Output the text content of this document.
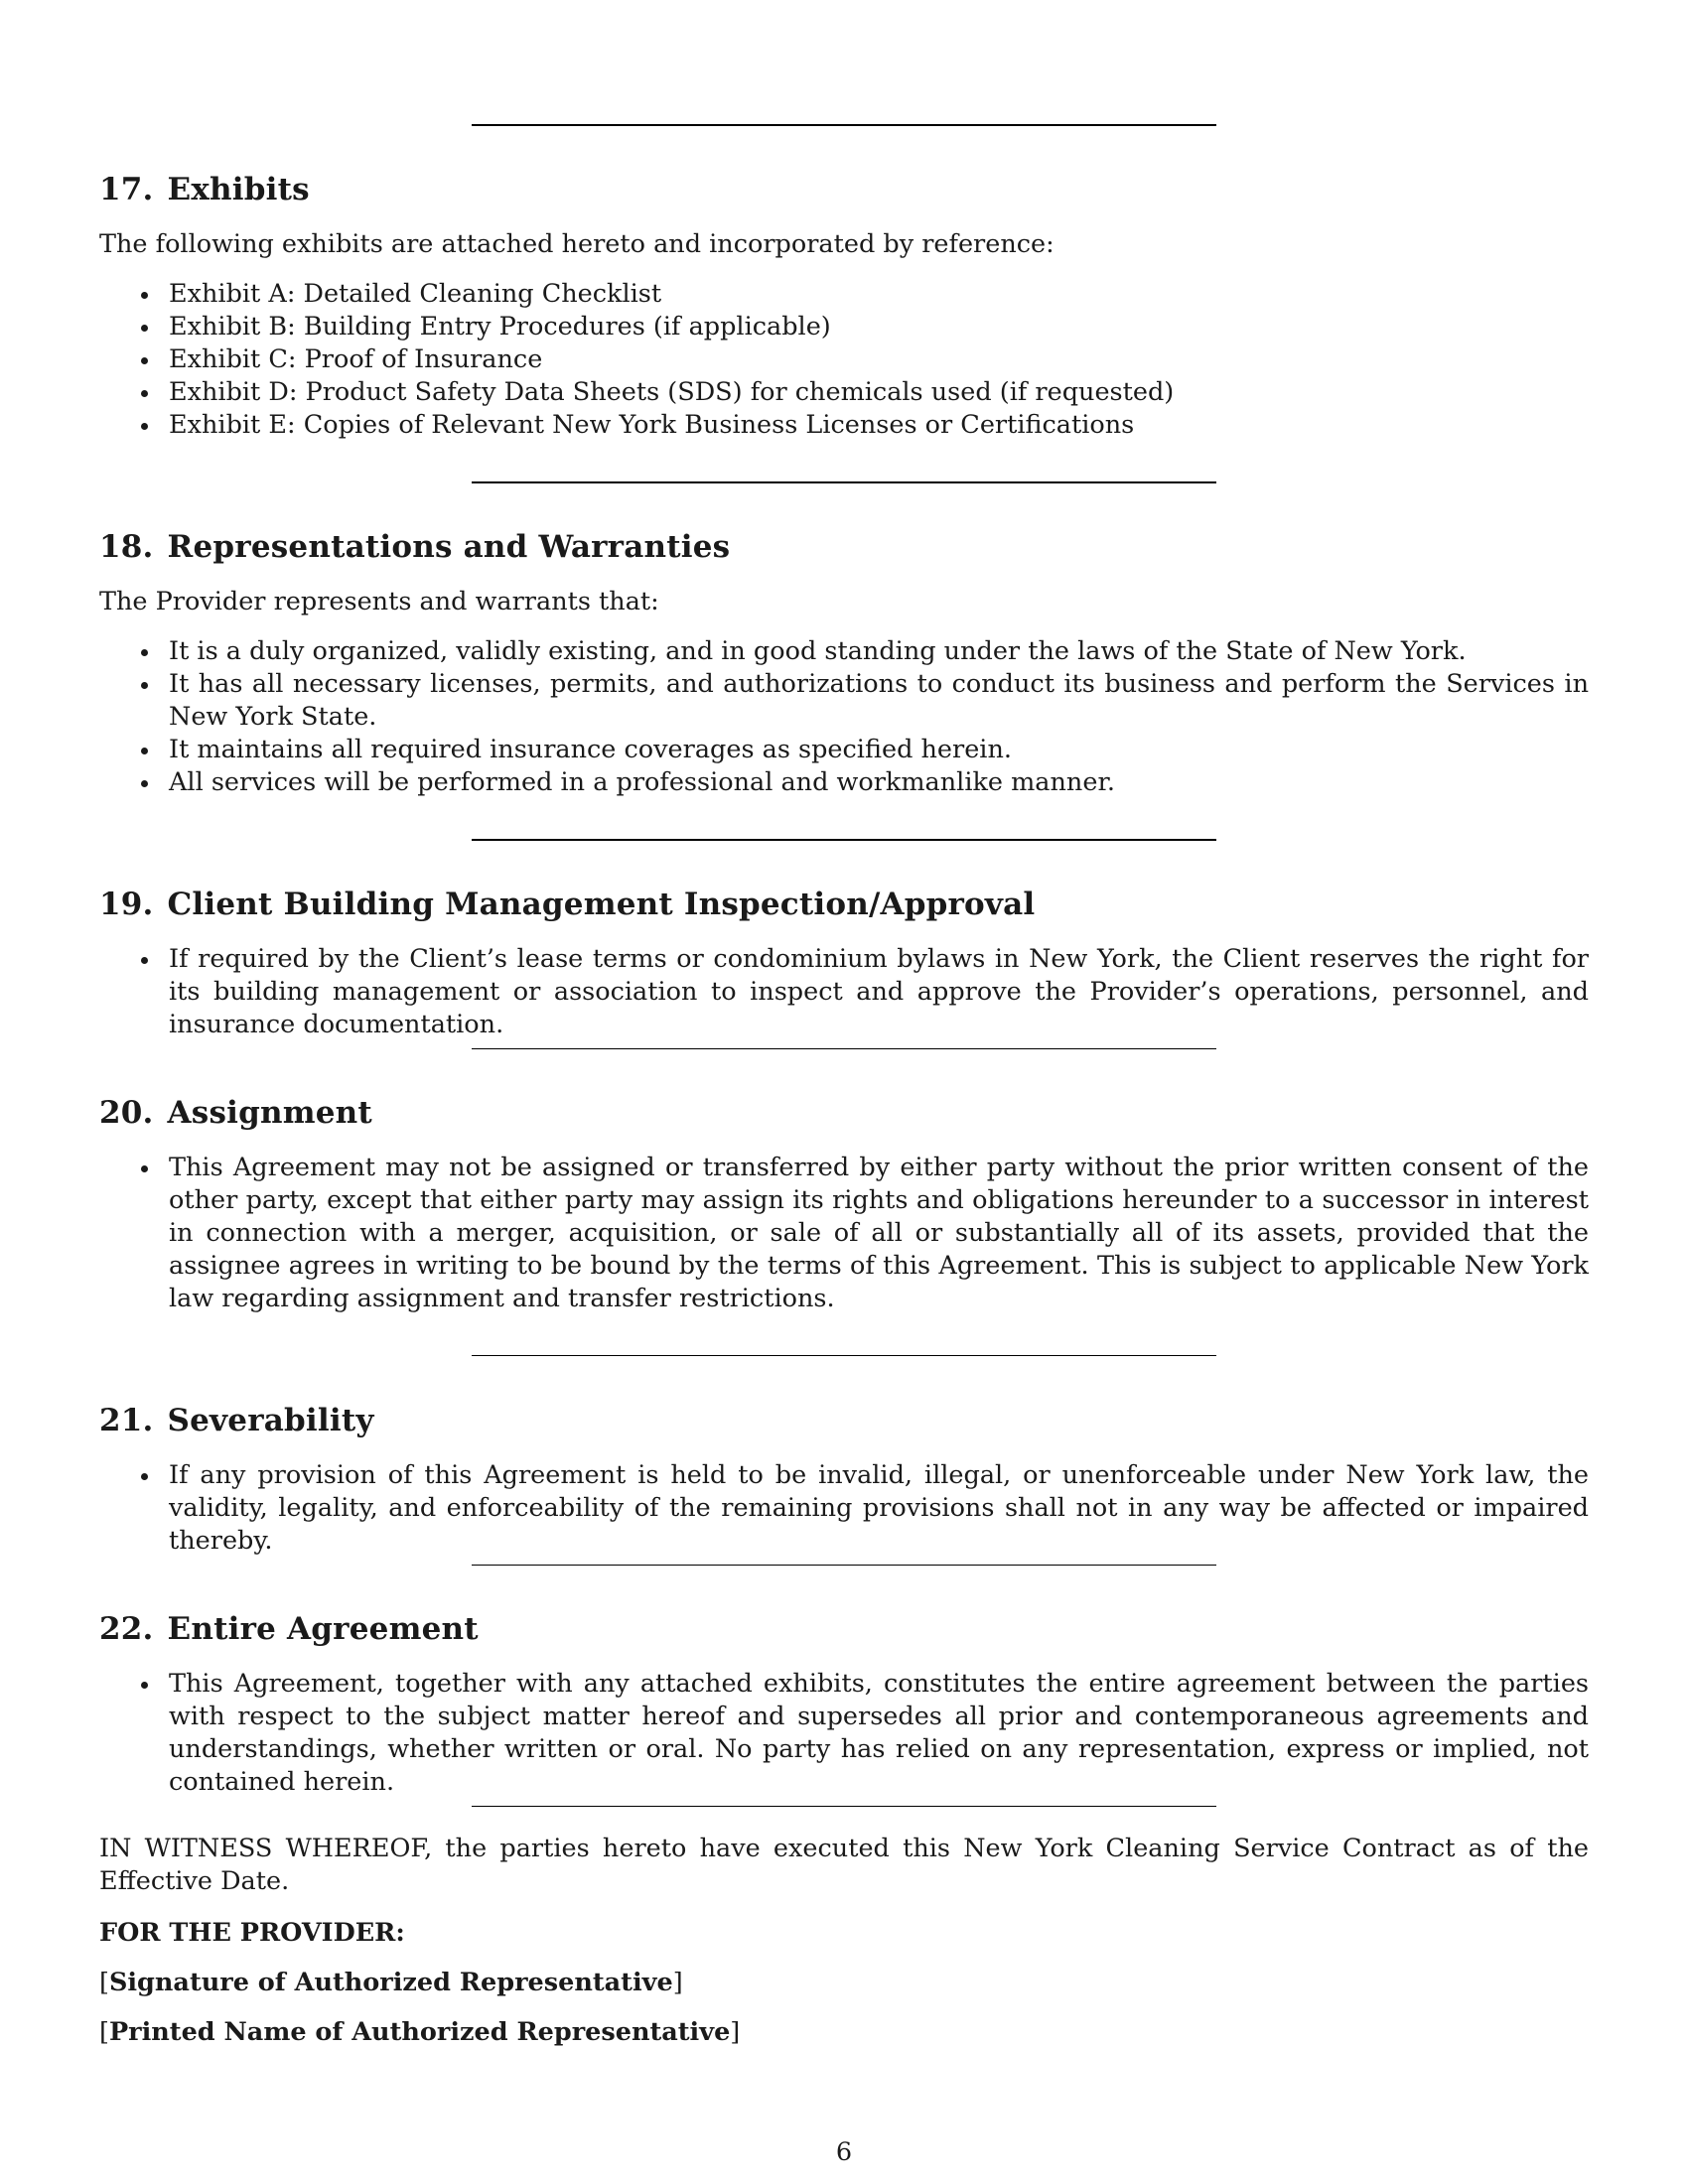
17. Exhibits

The following exhibits are attached hereto and incorporated by reference:

Exhibit A: Detailed Cleaning Checklist
Exhibit B: Building Entry Procedures (if applicable)
Exhibit C: Proof of Insurance
Exhibit D: Product Safety Data Sheets (SDS) for chemicals used (if requested)
Exhibit E: Copies of Relevant New York Business Licenses or Certifications
18. Representations and Warranties

The Provider represents and warrants that:

It is a duly organized, validly existing, and in good standing under the laws of the State of New York.
It has all necessary licenses, permits, and authorizations to conduct its business and perform the Services in New York State.
It maintains all required insurance coverages as specified herein.
All services will be performed in a professional and workmanlike manner.
19. Client Building Management Inspection/Approval
If required by the Client’s lease terms or condominium bylaws in New York, the Client reserves the right for its building management or association to inspect and approve the Provider’s operations, personnel, and insurance documentation.
20. Assignment
This Agreement may not be assigned or transferred by either party without the prior written consent of the other party, except that either party may assign its rights and obligations hereunder to a successor in interest in connection with a merger, acquisition, or sale of all or substantially all of its assets, provided that the assignee agrees in writing to be bound by the terms of this Agreement. This is subject to applicable New York law regarding assignment and transfer restrictions.
21. Severability
If any provision of this Agreement is held to be invalid, illegal, or unenforceable under New York law, the validity, legality, and enforceability of the remaining provisions shall not in any way be affected or impaired thereby.
22. Entire Agreement
This Agreement, together with any attached exhibits, constitutes the entire agreement between the parties with respect to the subject matter hereof and supersedes all prior and contemporaneous agreements and understandings, whether written or oral. No party has relied on any representation, express or implied, not contained herein.

IN WITNESS WHEREOF, the parties hereto have executed this New York Cleaning Service Contract as of the Effective Date.

FOR THE PROVIDER:

[Signature of Authorized Representative]

[Printed Name of Authorized Representative]

6
